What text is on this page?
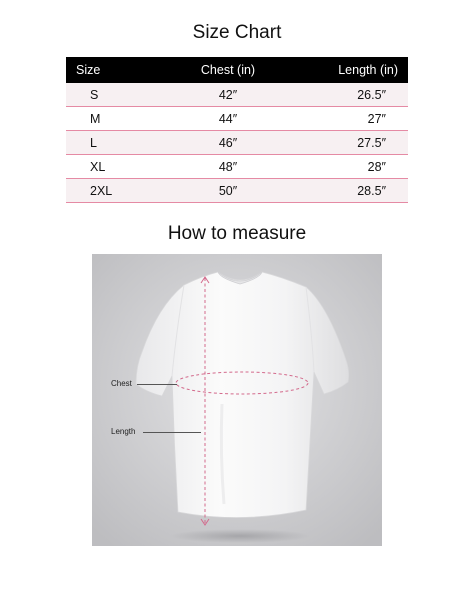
Size Chart
Size	Chest (in)	Length (in)
S	42″	26.5″
M	44″	27″
L	46″	27.5″
XL	48″	28″
2XL	50″	28.5″
How to measure
Chest
Length
